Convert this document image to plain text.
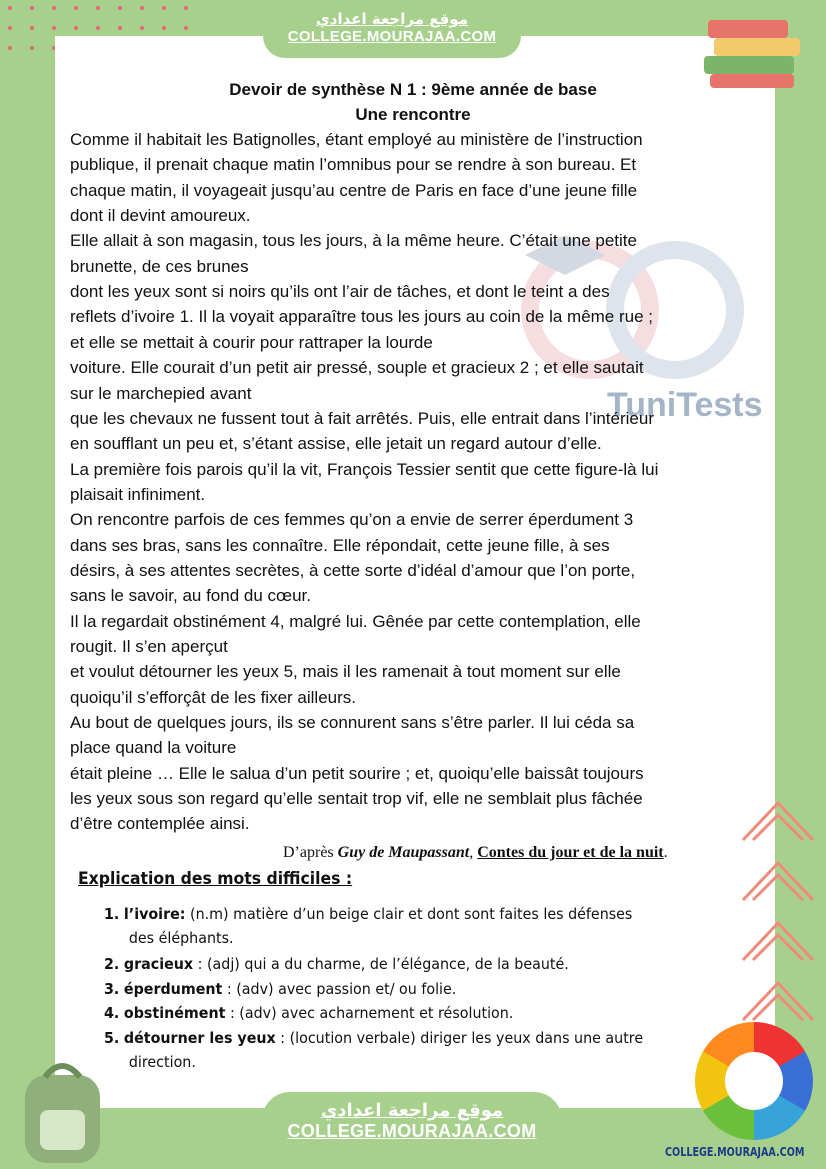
موقع مراجعة اعدادي
COLLEGE.MOURAJAA.COM
TuniTests
Devoir de synthèse N 1 : 9ème année de base
Une rencontre
Comme il habitait les Batignolles, étant employé au ministère de l’instruction
publique, il prenait chaque matin l’omnibus pour se rendre à son bureau. Et
chaque matin, il voyageait jusqu’au centre de Paris en face d’une jeune fille
dont il devint amoureux.
Elle allait à son magasin, tous les jours, à la même heure. C’était une petite
brunette, de ces brunes
dont les yeux sont si noirs qu’ils ont l’air de tâches, et dont le teint a des
reflets d’ivoire 1. Il la voyait apparaître tous les jours au coin de la même rue ;
et elle se mettait à courir pour rattraper la lourde
voiture. Elle courait d’un petit air pressé, souple et gracieux 2 ; et elle sautait
sur le marchepied avant
que les chevaux ne fussent tout à fait arrêtés. Puis, elle entrait dans l’intérieur
en soufflant un peu et, s’étant assise, elle jetait un regard autour d’elle.
La première fois parois qu’il la vit, François Tessier sentit que cette figure-là lui
plaisait infiniment.
On rencontre parfois de ces femmes qu’on a envie de serrer éperdument 3
dans ses bras, sans les connaître. Elle répondait, cette jeune fille, à ses
désirs, à ses attentes secrètes, à cette sorte d’idéal d’amour que l’on porte,
sans le savoir, au fond du cœur.
Il la regardait obstinément 4, malgré lui. Gênée par cette contemplation, elle
rougit. Il s’en aperçut
et voulut détourner les yeux 5, mais il les ramenait à tout moment sur elle
quoiqu’il s’efforçât de les fixer ailleurs.
Au bout de quelques jours, ils se connurent sans s’être parler. Il lui céda sa
place quand la voiture
était pleine … Elle le salua d’un petit sourire ; et, quoiqu’elle baissât toujours
les yeux sous son regard qu’elle sentait trop vif, elle ne semblait plus fâchée
d’être contemplée ainsi.
D’après Guy de Maupassant, Contes du jour et de la nuit.
Explication des mots difficiles :
1. l’ivoire: (n.m) matière d’un beige clair et dont sont faites les défenses
des éléphants.
2. gracieux : (adj) qui a du charme, de l’élégance, de la beauté.
3. éperdument : (adv) avec passion et/ ou folie.
4. obstinément : (adv) avec acharnement et résolution.
5. détourner les yeux : (locution verbale) diriger les yeux dans une autre
direction.
COLLEGE.MOURAJAA.COM
موقع مراجعة اعدادي
COLLEGE.MOURAJAA.COM
